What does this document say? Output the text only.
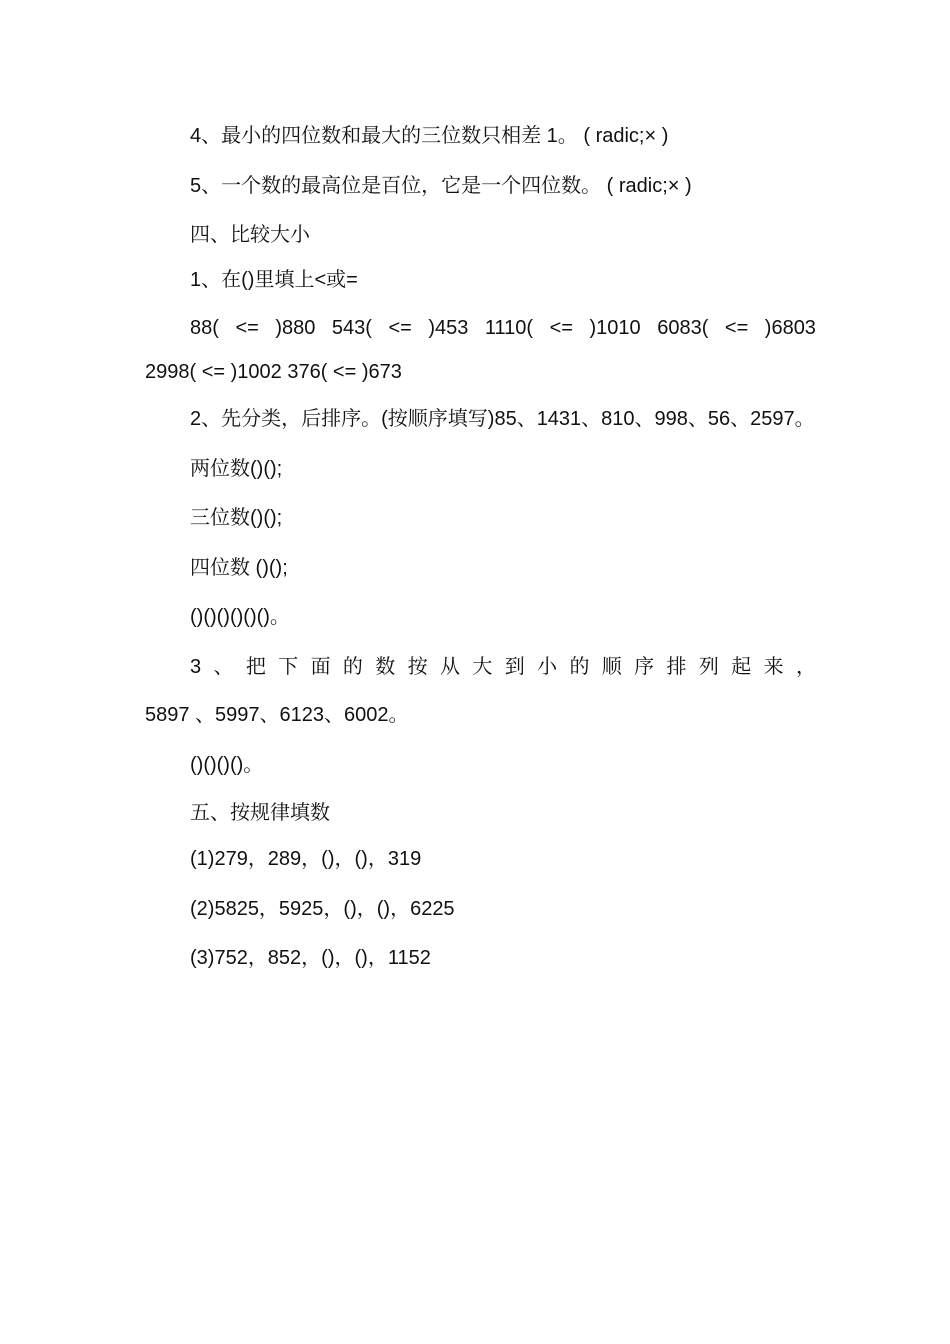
4、最小的四位数和最大的三位数只相差 1。 ( radic;× )
5、一个数的最高位是百位，它是一个四位数。 ( radic;× )
四、比较大小
1、在()里填上<或=
88( <= )880 543( <= )453 1110( <= )1010 6083( <= )6803
2998( <= )1002 376( <= )673
2、先分类，后排序。(按顺序填写)85、1431、810、998、56、2597。
两位数()();
三位数()();
四位数 ()();
()()()()()()。
3 、 把 下 面 的 数 按 从 大 到 小 的 顺 序 排 列 起 来 ，
5897 、5997、6123、6002。
()()()()。
五、按规律填数
(1)279，289，()，()，319
(2)5825，5925，()，()，6225
(3)752，852，()，()，1152
